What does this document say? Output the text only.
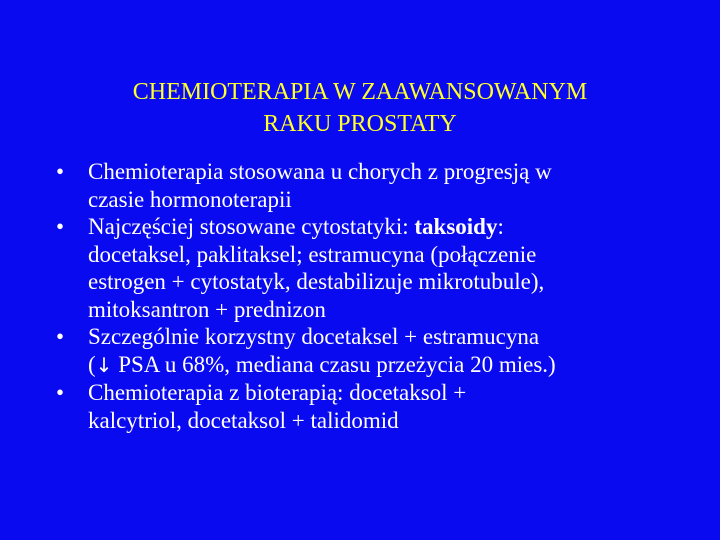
CHEMIOTERAPIA W ZAAWANSOWANYM
RAKU PROSTATY
•	Chemioterapia stosowana u chorych z progresją w
czasie hormonoterapii
•	Najczęściej stosowane cytostatyki: taksoidy:
docetaksel, paklitaksel; estramucyna (połączenie
estrogen + cytostatyk, destabilizuje mikrotubule),
mitoksantron + prednizon
•	Szczególnie korzystny docetaksel + estramucyna
(↓ PSA u 68%, mediana czasu przeżycia 20 mies.)
•	Chemioterapia z bioterapią: docetaksol +
kalcytriol, docetaksol + talidomid
